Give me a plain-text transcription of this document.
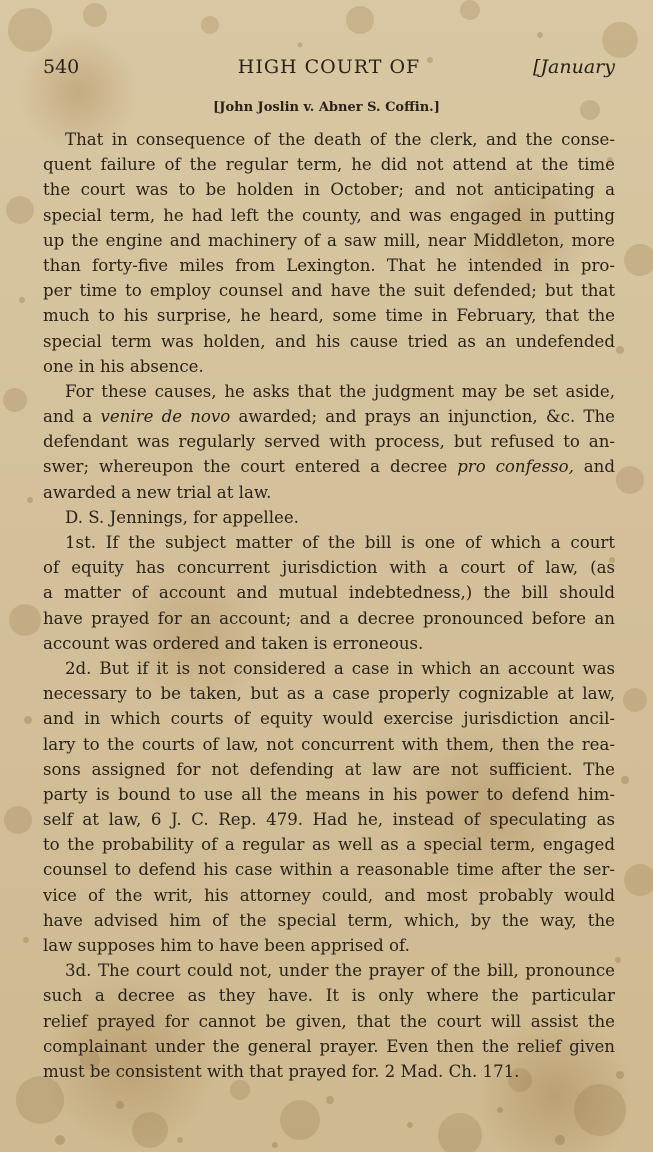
540	HIGH COURT OF	[January
[John Joslin v. Abner S. Coffin.]
That in consequence of the death of the clerk, and the conse-
quent failure of the regular term, he did not attend at the time
the court was to be holden in October; and not anticipating a
special term, he had left the county, and was engaged in putting
up the engine and machinery of a saw mill, near Middleton, more
than forty-five miles from Lexington. That he intended in pro-
per time to employ counsel and have the suit defended; but that
much to his surprise, he heard, some time in February, that the
special term was holden, and his cause tried as an undefended
one in his absence.
For these causes, he asks that the judgment may be set aside,
and a venire de novo awarded; and prays an injunction, &c. The
defendant was regularly served with process, but refused to an-
swer; whereupon the court entered a decree pro confesso, and
awarded a new trial at law.
D. S. Jennings, for appellee.
1st. If the subject matter of the bill is one of which a court
of equity has concurrent jurisdiction with a court of law, (as
a matter of account and mutual indebtedness,) the bill should
have prayed for an account; and a decree pronounced before an
account was ordered and taken is erroneous.
2d. But if it is not considered a case in which an account was
necessary to be taken, but as a case properly cognizable at law,
and in which courts of equity would exercise jurisdiction ancil-
lary to the courts of law, not concurrent with them, then the rea-
sons assigned for not defending at law are not sufficient. The
party is bound to use all the means in his power to defend him-
self at law, 6 J. C. Rep. 479. Had he, instead of speculating as
to the probability of a regular as well as a special term, engaged
counsel to defend his case within a reasonable time after the ser-
vice of the writ, his attorney could, and most probably would
have advised him of the special term, which, by the way, the
law supposes him to have been apprised of.
3d. The court could not, under the prayer of the bill, pronounce
such a decree as they have. It is only where the particular
relief prayed for cannot be given, that the court will assist the
complainant under the general prayer. Even then the relief given
must be consistent with that prayed for. 2 Mad. Ch. 171.
